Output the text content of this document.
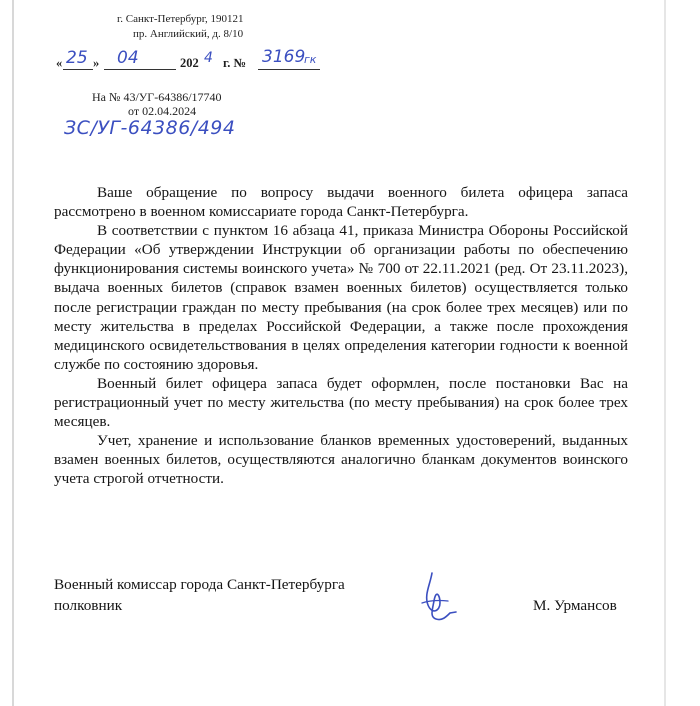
г. Санкт-Петербург, 190121
пр. Английский, д. 8/10
« 25 » 04	202 4 г. № 3169
гк
На № 43/УГ-64386/17740
от 02.04.2024
ЗС/УГ-64386/494

Ваше обращение по вопросу выдачи военного билета офицера запаса рассмотрено в военном комиссариате города Санкт-Петербурга.

В соответствии с пунктом 16 абзаца 41, приказа Министра Обороны Российской Федерации «Об утверждении Инструкции об организации работы по обеспечению функционирования системы воинского учета» № 700 от 22.11.2021 (ред. От 23.11.2023), выдача военных билетов (справок взамен военных билетов) осуществляется только после регистрации граждан по месту пребывания (на срок более трех месяцев) или по месту жительства в пределах Российской Федерации, а также после прохождения медицинского освидетельствования в целях определения категории годности к военной службе по состоянию здоровья.

Военный билет офицера запаса будет оформлен, после постановки Вас на регистрационный учет по месту жительства (по месту пребывания) на срок более трех месяцев.

Учет, хранение и использование бланков временных удостоверений, выданных взамен военных билетов, осуществляются аналогично бланкам документов воинского учета строгой отчетности.

Военный комиссар города Санкт-Петербурга
полковник	М. Урмансов
